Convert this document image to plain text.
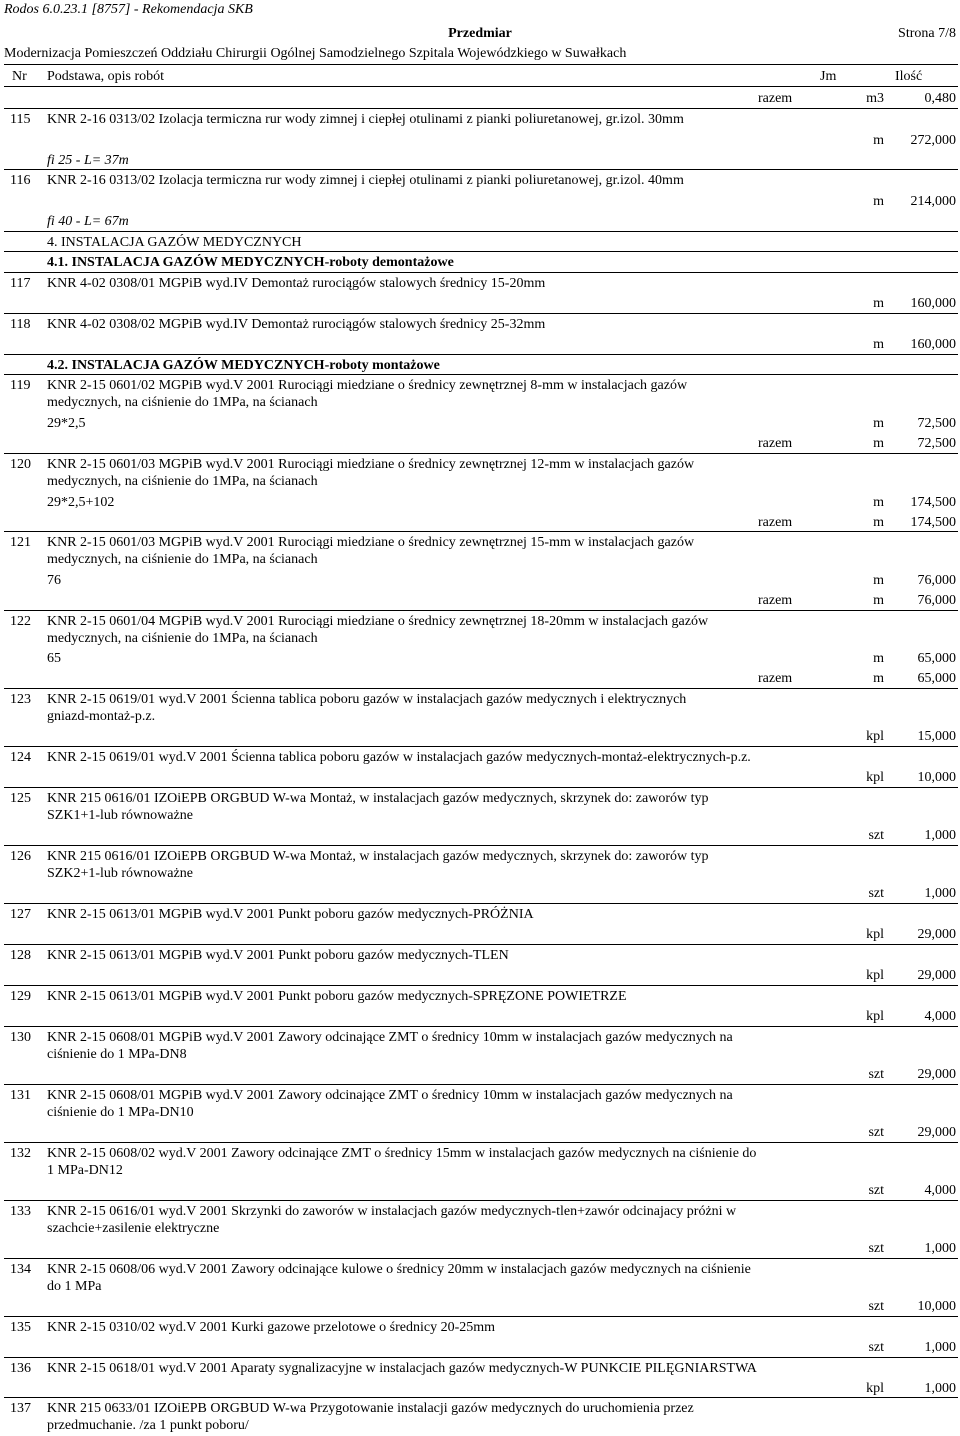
Rodos 6.0.23.1 [8757] - Rekomendacja SKB
Przedmiar	Strona 7/8
Modernizacja Pomieszczeń Oddziału Chirurgii Ogólnej Samodzielnego Szpitala Wojewódzkiego w Suwałkach
Nr Podstawa, opis robót	Jm	Ilość
razem	m3	0,480
115	KNR 2-16 0313/02 Izolacja termiczna rur wody zimnej i ciepłej otulinami z pianki poliuretanowej, gr.izol. 30mm
m	272,000
fi 25 - L= 37m
116	KNR 2-16 0313/02 Izolacja termiczna rur wody zimnej i ciepłej otulinami z pianki poliuretanowej, gr.izol. 40mm
m	214,000
fi 40 - L= 67m
4. INSTALACJA GAZÓW MEDYCZNYCH
4.1. INSTALACJA GAZÓW MEDYCZNYCH-roboty demontażowe
117	KNR 4-02 0308/01 MGPiB wyd.IV Demontaż rurociągów stalowych średnicy 15-20mm
m	160,000
118	KNR 4-02 0308/02 MGPiB wyd.IV Demontaż rurociągów stalowych średnicy 25-32mm
m	160,000
4.2. INSTALACJA GAZÓW MEDYCZNYCH-roboty montażowe
119	KNR 2-15 0601/02 MGPiB wyd.V 2001 Rurociągi miedziane o średnicy zewnętrznej 8-mm w instalacjach gazów
medycznych, na ciśnienie do 1MPa, na ścianach
29*2,5	m	72,500
razem	m	72,500
120	KNR 2-15 0601/03 MGPiB wyd.V 2001 Rurociągi miedziane o średnicy zewnętrznej 12-mm w instalacjach gazów
medycznych, na ciśnienie do 1MPa, na ścianach
29*2,5+102	m	174,500
razem	m	174,500
121	KNR 2-15 0601/03 MGPiB wyd.V 2001 Rurociągi miedziane o średnicy zewnętrznej 15-mm w instalacjach gazów
medycznych, na ciśnienie do 1MPa, na ścianach
76	m	76,000
razem	m	76,000
122	KNR 2-15 0601/04 MGPiB wyd.V 2001 Rurociągi miedziane o średnicy zewnętrznej 18-20mm w instalacjach gazów
medycznych, na ciśnienie do 1MPa, na ścianach
65	m	65,000
razem	m	65,000
123	KNR 2-15 0619/01 wyd.V 2001 Ścienna tablica poboru gazów w instalacjach gazów medycznych i elektrycznych
gniazd-montaż-p.z.
kpl	15,000
124	KNR 2-15 0619/01 wyd.V 2001 Ścienna tablica poboru gazów w instalacjach gazów medycznych-montaż-elektrycznych-p.z.
kpl	10,000
125	KNR 215 0616/01 IZOiEPB ORGBUD W-wa Montaż, w instalacjach gazów medycznych, skrzynek do: zaworów typ
SZK1+1-lub równoważne
szt	1,000
126	KNR 215 0616/01 IZOiEPB ORGBUD W-wa Montaż, w instalacjach gazów medycznych, skrzynek do: zaworów typ
SZK2+1-lub równoważne
szt	1,000
127	KNR 2-15 0613/01 MGPiB wyd.V 2001 Punkt poboru gazów medycznych-PRÓŻNIA
kpl	29,000
128	KNR 2-15 0613/01 MGPiB wyd.V 2001 Punkt poboru gazów medycznych-TLEN
kpl	29,000
129	KNR 2-15 0613/01 MGPiB wyd.V 2001 Punkt poboru gazów medycznych-SPRĘZONE POWIETRZE
kpl	4,000
130	KNR 2-15 0608/01 MGPiB wyd.V 2001 Zawory odcinające ZMT o średnicy 10mm w instalacjach gazów medycznych na
ciśnienie do 1 MPa-DN8
szt	29,000
131	KNR 2-15 0608/01 MGPiB wyd.V 2001 Zawory odcinające ZMT o średnicy 10mm w instalacjach gazów medycznych na
ciśnienie do 1 MPa-DN10
szt	29,000
132	KNR 2-15 0608/02 wyd.V 2001 Zawory odcinające ZMT o średnicy 15mm w instalacjach gazów medycznych na ciśnienie do
1 MPa-DN12
szt	4,000
133	KNR 2-15 0616/01 wyd.V 2001 Skrzynki do zaworów w instalacjach gazów medycznych-tlen+zawór odcinajacy próżni w
szachcie+zasilenie elektryczne
szt	1,000
134	KNR 2-15 0608/06 wyd.V 2001 Zawory odcinające kulowe o średnicy 20mm w instalacjach gazów medycznych na ciśnienie
do 1 MPa
szt	10,000
135	KNR 2-15 0310/02 wyd.V 2001 Kurki gazowe przelotowe o średnicy 20-25mm
szt	1,000
136	KNR 2-15 0618/01 wyd.V 2001 Aparaty sygnalizacyjne w instalacjach gazów medycznych-W PUNKCIE PILĘGNIARSTWA
kpl	1,000
137	KNR 215 0633/01 IZOiEPB ORGBUD W-wa Przygotowanie instalacji gazów medycznych do uruchomienia przez
przedmuchanie. /za 1 punkt poboru/
